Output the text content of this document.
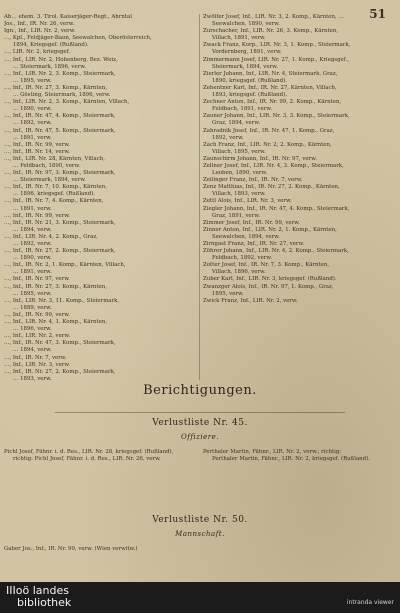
51
Ab… ehem. 3. Tirol. Kaiserjäger-Regt., Ahrntal
Jos., Inf., IR. Nr. 26, verw.
Ign., Inf., LIR. Nr. 2, verw.
…, Kpl., Feldjäger-Baon, Seewalchen, Oberösterreich,
1894, Kriegsgef. (Rußland).
…, LIR. Nr. 2, kriegsgef.
…, Inf., LIR. Nr. 2, Hohenberg, Bez. Weiz,
… Steiermark, 1896, verw.
…, Inf., LIR. Nr. 2, 3. Komp., Steiermark,
… 1895, verw.
…, Inf., IR. Nr. 27, 3. Komp., Kärnten,
… Gösting, Steiermark, 1896, verw.
…, Inf., LIR. Nr. 2, 3. Komp., Kärnten, Villach,
… 1890, verw.
…, Inf., IR. Nr. 47, 4. Komp., Steiermark,
… 1892, verw.
…, Inf., IR. Nr. 47, 5. Komp., Steiermark,
… 1891, verw.
…, Inf., IR. Nr. 99, verw.
…, Inf., IR. Nr. 14, verw.
…, Inf., LIR. Nr. 28, Kärnten, Villach,
… Feldbach, 1890, verw.
…, Inf., IR. Nr. 97, 3. Komp., Steiermark,
… Steiermark, 1894, verw.
…, Inf., IR. Nr. 7, 10. Komp., Kärnten,
… 1896, kriegsgef. (Rußland).
…, Inf., IR. Nr. 7, 4. Komp., Kärnten,
… 1891, verw.
…, Inf., IR. Nr. 99, verw.
…, Inf., IR. Nr. 21, 3. Komp., Steiermark,
… 1894, verw.
…, Inf., LIR. Nr. 4, 2. Komp., Graz,
… 1892, verw.
…, Inf., IR. Nr. 27, 2. Komp., Steiermark,
… 1890, verw.
…, Inf., IR. Nr. 2, 1. Komp., Kärnten, Villach,
… 1891, verw.
…, Inf., IR. Nr. 97, verw.
…, Inf., IR. Nr. 27, 3. Komp., Kärnten,
… 1895, verw.
…, Inf., LIR. Nr. 3, 11. Komp., Steiermark,
… 1889, verw.
…, Inf., IR. Nr. 99, verw.
…, Inf., LIR. Nr. 4, 1. Komp., Kärnten,
… 1896, verw.
…, Inf., LIR. Nr. 2, verw.
…, Inf., IR. Nr. 47, 3. Komp., Steiermark,
… 1894, verw.
…, Inf., IR. Nr. 7, verw.
…, Inf., LIR. Nr. 3, verw.
…, Inf., IR. Nr. 27, 2. Komp., Steiermark,
… 1893, verw.
Zwölfer Josef, Inf., LIR. Nr. 3, 2. Komp., Kärnten, …
Seewalchen, 1890, verw.
Zurschacher, Inf., LIR. Nr. 26, 3. Komp., Kärnten,
Villach, 1891, verw.
Zwack Franz, Korp., LIR. Nr. 3, 1. Komp., Steiermark,
Vordernberg, 1891, verw.
Zimmermann Josef, LIR. Nr. 27, 1. Komp., Kriegsgef.,
Steiermark, 1894, verw.
Zierler Johann, Inf., LIR. Nr. 4, Steiermark, Graz,
1890, kriegsgef. (Rußland).
Zehentner Karl, Inf., IR. Nr. 27, Kärnten, Villach,
1893, kriegsgef. (Rußland).
Zechner Anton, Inf., IR. Nr. 99, 2. Komp., Kärnten,
Feldbach, 1891, verw.
Zauner Johann, Inf., LIR. Nr. 3, 3. Komp., Steiermark,
Graz, 1894, verw.
Zahradnik Josef, Inf., IR. Nr. 47, 1. Komp., Graz,
1892, verw.
Zach Franz, Inf., LIR. Nr. 2, 2. Komp., Kärnten,
Villach, 1895, verw.
Zaunschirm Johann, Inf., IR. Nr. 97, verw.
Zellner Josef, Inf., LIR. Nr. 4, 3. Komp., Steiermark,
Leoben, 1890, verw.
Zeilinger Franz, Inf., IR. Nr. 7, verw.
Zenz Matthias, Inf., IR. Nr. 27, 2. Komp., Kärnten,
Villach, 1893, verw.
Zettl Alois, Inf., LIR. Nr. 3, verw.
Ziegler Johann, Inf., IR. Nr. 47, 4. Komp., Steiermark,
Graz, 1891, verw.
Zimmer Josef, Inf., IR. Nr. 99, verw.
Zinner Anton, Inf., LIR. Nr. 2, 1. Komp., Kärnten,
Seewalchen, 1894, verw.
Zirngast Franz, Inf., IR. Nr. 27, verw.
Zöhrer Johann, Inf., LIR. Nr. 4, 2. Komp., Steiermark,
Feldbach, 1892, verw.
Zotter Josef, Inf., IR. Nr. 7, 3. Komp., Kärnten,
Villach, 1896, verw.
Zuber Karl, Inf., LIR. Nr. 3, kriegsgef. (Rußland).
Zwanzger Alois, Inf., IR. Nr. 97, 1. Komp., Graz,
1895, verw.
Zwick Franz, Inf., LIR. Nr. 2, verw.
Berichtigungen.
Verlustliste Nr. 45.
Offiziere.
Pichl Josef, Fähnr. i. d. Res., LIR. Nr. 28, kriegsgef. (Rußland),
richtig: Pichl Josef, Fähnr. i. d. Res., LIR. Nr. 26, verw.
Perthaler Martin, Fähnr., LIR. Nr. 2, verw.; richtig:
Perthaler Martin, Fähnr., LIR. Nr. 2, kriegsgef. (Rußland).
Verlustliste Nr. 50.
Mannschaft.
Gaber Jos., Inf., IR. Nr. 99, verw. (Wien verwitw.)
IIIoö landes
bibliothek	intranda viewer
